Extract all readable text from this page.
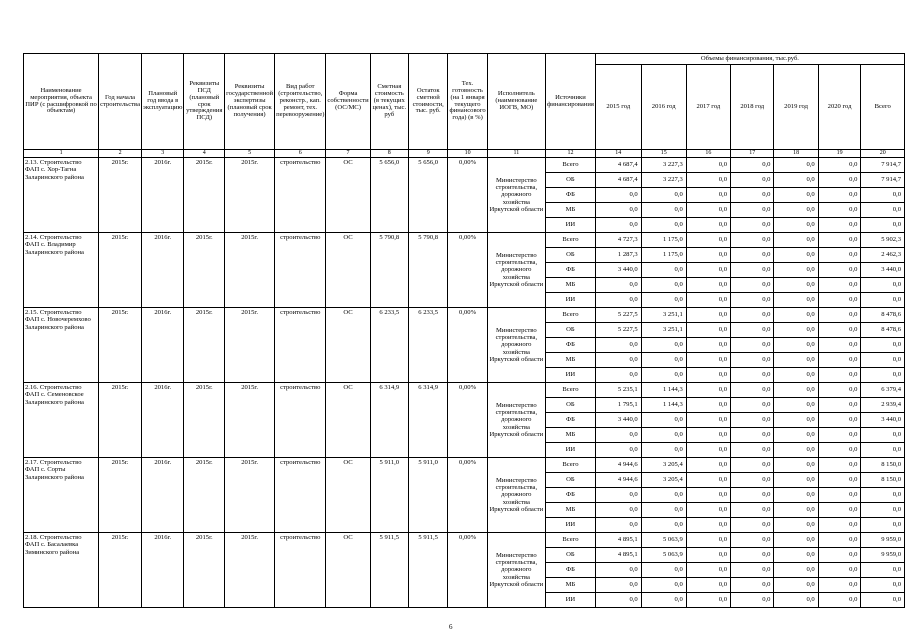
Наименование мероприятия, объекта ПИР (с расшифровкой по объектам)	Год начала строительства	Плановый год ввода в эксплуатацию	Реквизиты ПСД (плановый срок утверждения ПСД)	Реквизиты государственной экспертизы (плановый срок получения)	Вид работ (строительство, реконстр., кап. ремонт, тех. перевооружение)	Форма собственности (ОС/МС)	Сметная стоимость (в текущих ценах), тыс. руб	Остаток сметной стоимости, тыс. руб.	Тех. готовность (на 1 января текущего финансового года) (в %)	Исполнитель (наименование ИОГВ, МО)	Источники финансирования	Объемы финансирования, тыс.руб.						
												2015 год	2016 год	2017 год	2018 год	2019 год	2020 год	Всего
1	2	3	4	5	6	7	8	9	10	11	12	14	15	16	17	18	19	20
2.13. Строительство ФАП с. Хор-Тагна Заларинского района	2015г.	2016г.	2015г.	2015г.	строительство	ОС	5 656,0	5 656,0	0,00%	Министерство строительства, дорожного хозяйства Иркутской области	Всего	4 687,4	3 227,3	0,0	0,0	0,0	0,0	7 914,7
											ОБ	4 687,4	3 227,3	0,0	0,0	0,0	0,0	7 914,7
											ФБ	0,0	0,0	0,0	0,0	0,0	0,0	0,0
											МБ	0,0	0,0	0,0	0,0	0,0	0,0	0,0
											ИИ	0,0	0,0	0,0	0,0	0,0	0,0	0,0
2.14. Строительство ФАП с. Владимир Заларинского района	2015г.	2016г.	2015г.	2015г.	строительство	ОС	5 790,8	5 790,8	0,00%	Министерство строительства, дорожного хозяйства Иркутской области	Всего	4 727,3	1 175,0	0,0	0,0	0,0	0,0	5 902,3
											ОБ	1 287,3	1 175,0	0,0	0,0	0,0	0,0	2 462,3
											ФБ	3 440,0	0,0	0,0	0,0	0,0	0,0	3 440,0
											МБ	0,0	0,0	0,0	0,0	0,0	0,0	0,0
											ИИ	0,0	0,0	0,0	0,0	0,0	0,0	0,0
2.15. Строительство ФАП с. Новочеремхово Заларинского района	2015г.	2016г.	2015г.	2015г.	строительство	ОС	6 233,5	6 233,5	0,00%	Министерство строительства, дорожного хозяйства Иркутской области	Всего	5 227,5	3 251,1	0,0	0,0	0,0	0,0	8 478,6
											ОБ	5 227,5	3 251,1	0,0	0,0	0,0	0,0	8 478,6
											ФБ	0,0	0,0	0,0	0,0	0,0	0,0	0,0
											МБ	0,0	0,0	0,0	0,0	0,0	0,0	0,0
											ИИ	0,0	0,0	0,0	0,0	0,0	0,0	0,0
2.16. Строительство ФАП с. Семеновское Заларинского района	2015г.	2016г.	2015г.	2015г.	строительство	ОС	6 314,9	6 314,9	0,00%	Министерство строительства, дорожного хозяйства Иркутской области	Всего	5 235,1	1 144,3	0,0	0,0	0,0	0,0	6 379,4
											ОБ	1 795,1	1 144,3	0,0	0,0	0,0	0,0	2 939,4
											ФБ	3 440,0	0,0	0,0	0,0	0,0	0,0	3 440,0
											МБ	0,0	0,0	0,0	0,0	0,0	0,0	0,0
											ИИ	0,0	0,0	0,0	0,0	0,0	0,0	0,0
2.17. Строительство ФАП с. Сорты Заларинского района	2015г.	2016г.	2015г.	2015г.	строительство	ОС	5 911,0	5 911,0	0,00%	Министерство строительства, дорожного хозяйства Иркутской области	Всего	4 944,6	3 205,4	0,0	0,0	0,0	0,0	8 150,0
											ОБ	4 944,6	3 205,4	0,0	0,0	0,0	0,0	8 150,0
											ФБ	0,0	0,0	0,0	0,0	0,0	0,0	0,0
											МБ	0,0	0,0	0,0	0,0	0,0	0,0	0,0
											ИИ	0,0	0,0	0,0	0,0	0,0	0,0	0,0
2.18. Строительство ФАП с. Басалаевка Зиминского района	2015г.	2016г.	2015г.	2015г.	строительство	ОС	5 911,5	5 911,5	0,00%	Министерство строительства, дорожного хозяйства Иркутской области	Всего	4 895,1	5 063,9	0,0	0,0	0,0	0,0	9 959,0
											ОБ	4 895,1	5 063,9	0,0	0,0	0,0	0,0	9 959,0
											ФБ	0,0	0,0	0,0	0,0	0,0	0,0	0,0
											МБ	0,0	0,0	0,0	0,0	0,0	0,0	0,0
											ИИ	0,0	0,0	0,0	0,0	0,0	0,0	0,0
6
